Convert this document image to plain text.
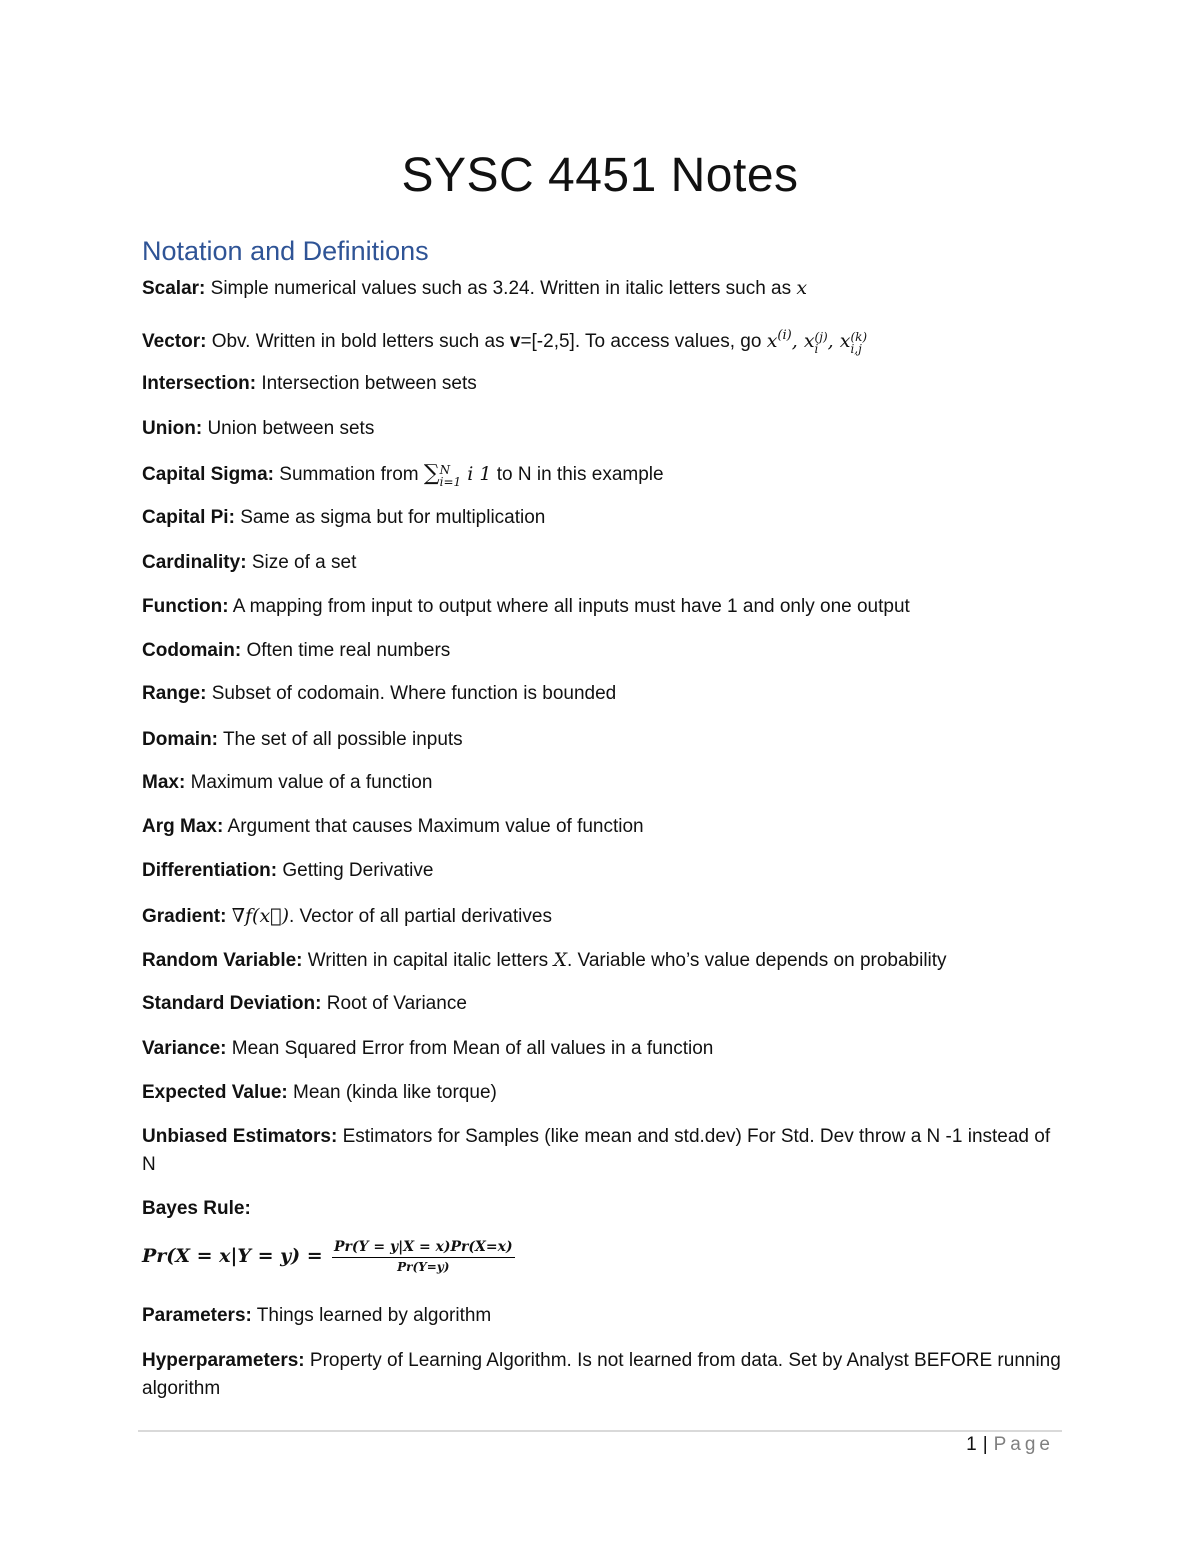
SYSC 4451 Notes
Notation and Definitions

Scalar: Simple numerical values such as 3.24. Written in italic letters such as x

Vector: Obv. Written in bold letters such as v=[-2,5]. To access values, go $x^{(i)}$, x (j)
i , x (k)
i,j

Intersection: Intersection between sets

Union: Union between sets

Capital Sigma: Summation from ∑ N
i=1 i 1 to N in this example

Capital Pi: Same as sigma but for multiplication

Cardinality: Size of a set

Function: A mapping from input to output where all inputs must have 1 and only one output

Codomain: Often time real numbers

Range: Subset of codomain. Where function is bounded

Domain: The set of all possible inputs

Max: Maximum value of a function

Arg Max: Argument that causes Maximum value of function

Differentiation: Getting Derivative

Gradient: ∇f(x⃗). Vector of all partial derivatives

Random Variable: Written in capital italic letters X. Variable who’s value depends on probability

Standard Deviation: Root of Variance

Variance: Mean Squared Error from Mean of all values in a function

Expected Value: Mean (kinda like torque)

Unbiased Estimators: Estimators for Samples (like mean and std.dev) For Std. Dev throw a N -1 instead of N

Bayes Rule:

$Pr(X = x|Y = y) = \frac{Pr(Y = y|X = x)Pr(X=x)}{Pr(Y=y)}$

Parameters: Things learned by algorithm

Hyperparameters: Property of Learning Algorithm. Is not learned from data. Set by Analyst BEFORE running algorithm

1 | Page
